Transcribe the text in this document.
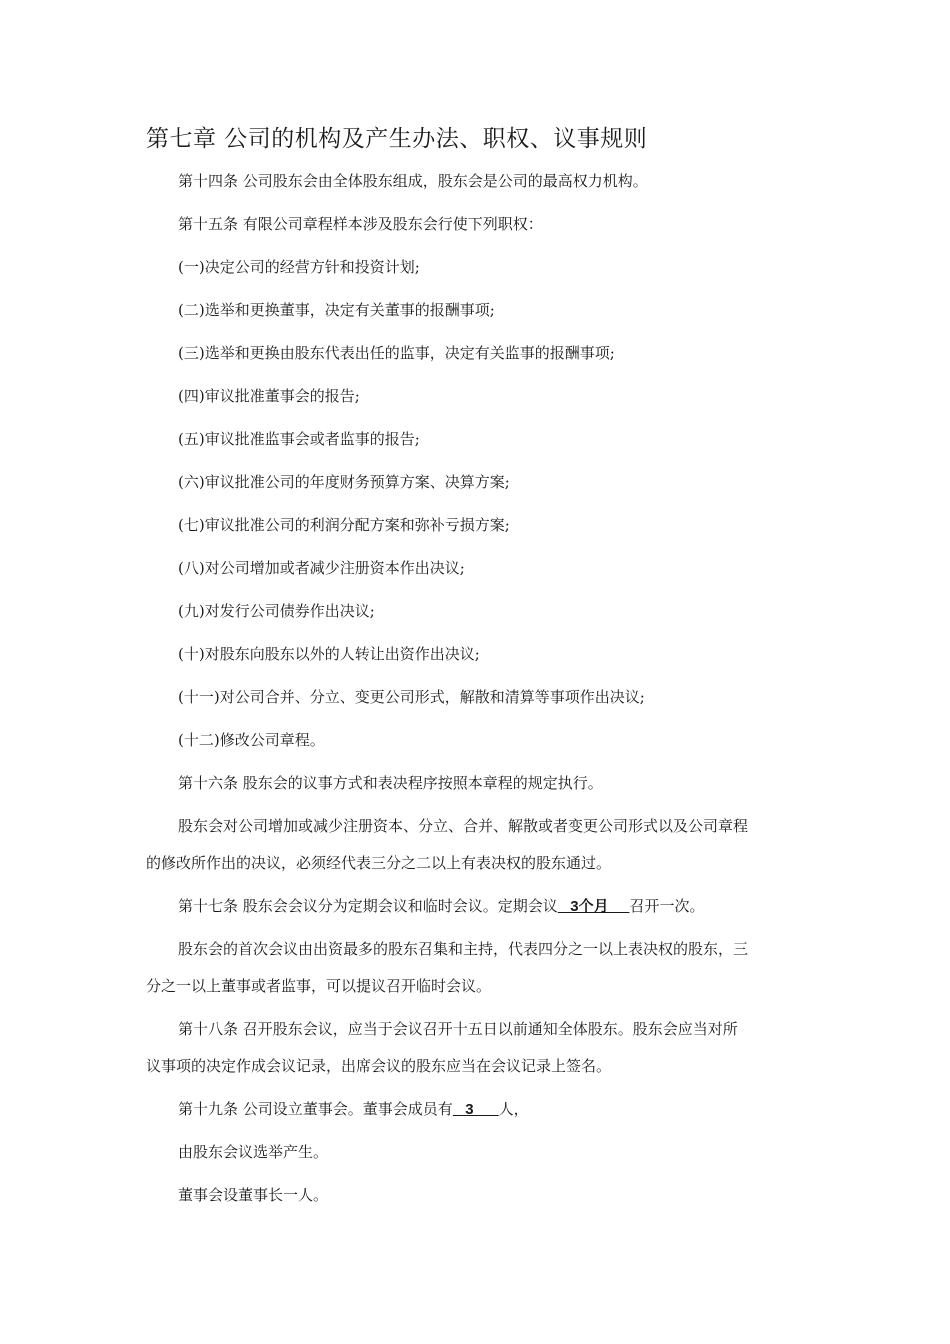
第七章 公司的机构及产生办法、职权、议事规则
第十四条 公司股东会由全体股东组成，股东会是公司的最高权力机构。
第十五条 有限公司章程样本涉及股东会行使下列职权：
(一)决定公司的经营方针和投资计划;
(二)选举和更换董事，决定有关董事的报酬事项;
(三)选举和更换由股东代表出任的监事，决定有关监事的报酬事项;
(四)审议批准董事会的报告;
(五)审议批准监事会或者监事的报告;
(六)审议批准公司的年度财务预算方案、决算方案;
(七)审议批准公司的利润分配方案和弥补亏损方案;
(八)对公司增加或者减少注册资本作出决议;
(九)对发行公司债券作出决议;
(十)对股东向股东以外的人转让出资作出决议;
(十一)对公司合并、分立、变更公司形式，解散和清算等事项作出决议;
(十二)修改公司章程。
第十六条 股东会的议事方式和表决程序按照本章程的规定执行。
股东会对公司增加或减少注册资本、分立、合并、解散或者变更公司形式以及公司章程
的修改所作出的决议，必须经代表三分之二以上有表决权的股东通过。
第十七条 股东会会议分为定期会议和临时会议。定期会议   3个月     召开一次。
股东会的首次会议由出资最多的股东召集和主持，代表四分之一以上表决权的股东，三
分之一以上董事或者监事，可以提议召开临时会议。
第十八条 召开股东会议，应当于会议召开十五日以前通知全体股东。股东会应当对所
议事项的决定作成会议记录，出席会议的股东应当在会议记录上签名。
第十九条 公司设立董事会。董事会成员有   3      人，
由股东会议选举产生。
董事会设董事长一人。
